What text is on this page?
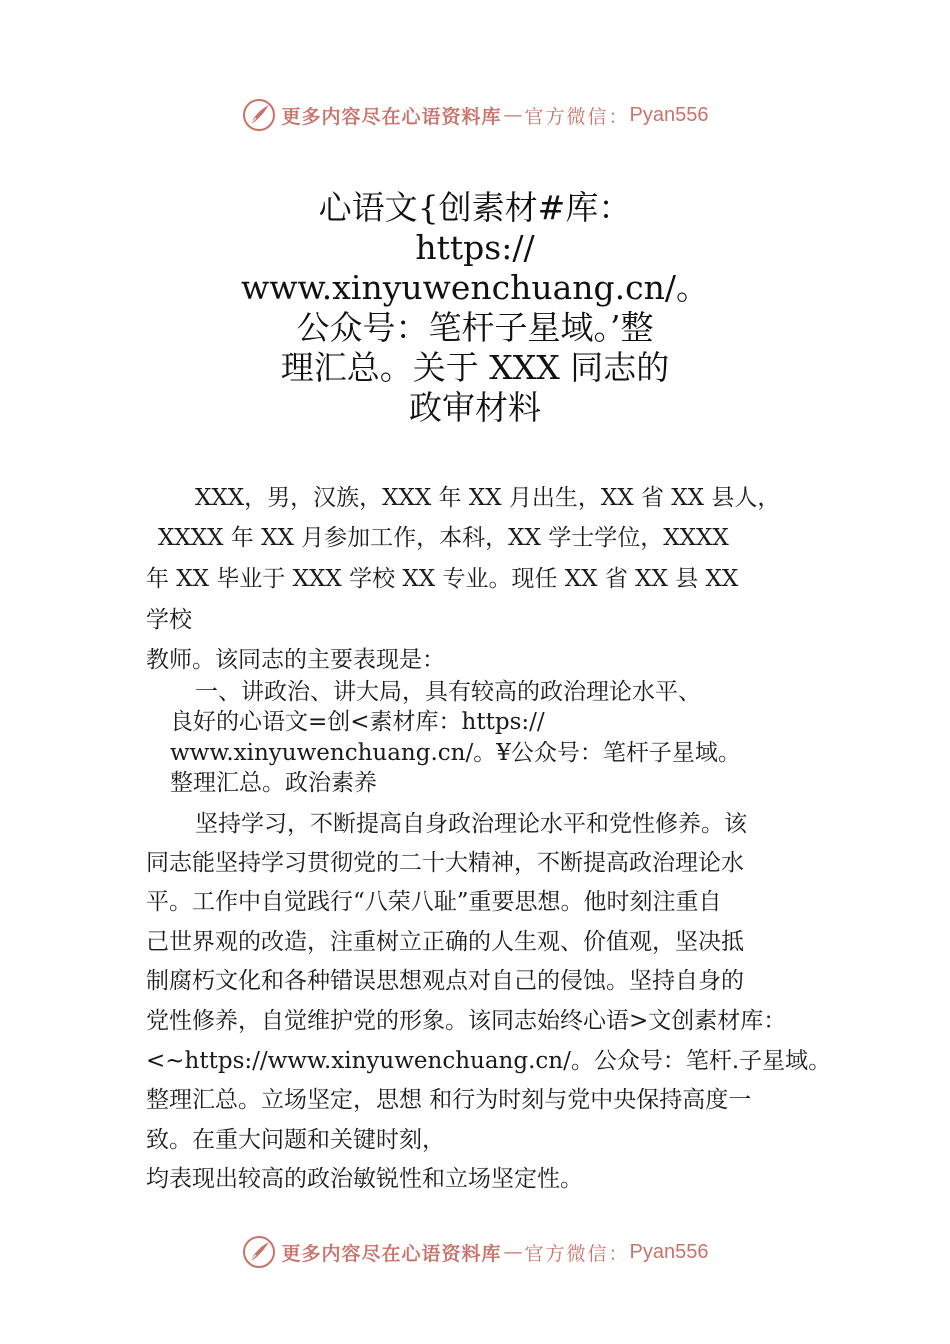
更多内容尽在心语资料库 — 官方微信： Pyan556
心语文{创素材#库：
https://
www.xinyuwenchuang.cn/。
公众号：笔杆子星域。’整
理汇总。关于 XXX 同志的
政审材料
XXX，男，汉族，XXX 年 XX 月出生，XX 省 XX 县人，
XXXX 年 XX 月参加工作，本科，XX 学士学位，XXXX
年 XX 毕业于 XXX 学校 XX 专业。现任 XX 省 XX 县 XX
学校
教师。该同志的主要表现是：
一、讲政治、讲大局，具有较高的政治理论水平、
良好的心语文=创<素材库：https://
www.xinyuwenchuang.cn/。¥公众号：笔杆子星域。
整理汇总。政治素养
坚持学习，不断提高自身政治理论水平和党性修养。该
同志能坚持学习贯彻党的二十大精神，不断提高政治理论水
平。工作中自觉践行“八荣八耻”重要思想。他时刻注重自
己世界观的改造，注重树立正确的人生观、价值观，坚决抵
制腐朽文化和各种错误思想观点对自己的侵蚀。坚持自身的
党性修养，自觉维护党的形象。该同志始终心语>文创素材库：
<~https://www.xinyuwenchuang.cn/。公众号：笔杆.子星域。
整理汇总。立场坚定，思想 和行为时刻与党中央保持高度一
致。在重大问题和关键时刻，
均表现出较高的政治敏锐性和立场坚定性。
更多内容尽在心语资料库 — 官方微信： Pyan556
